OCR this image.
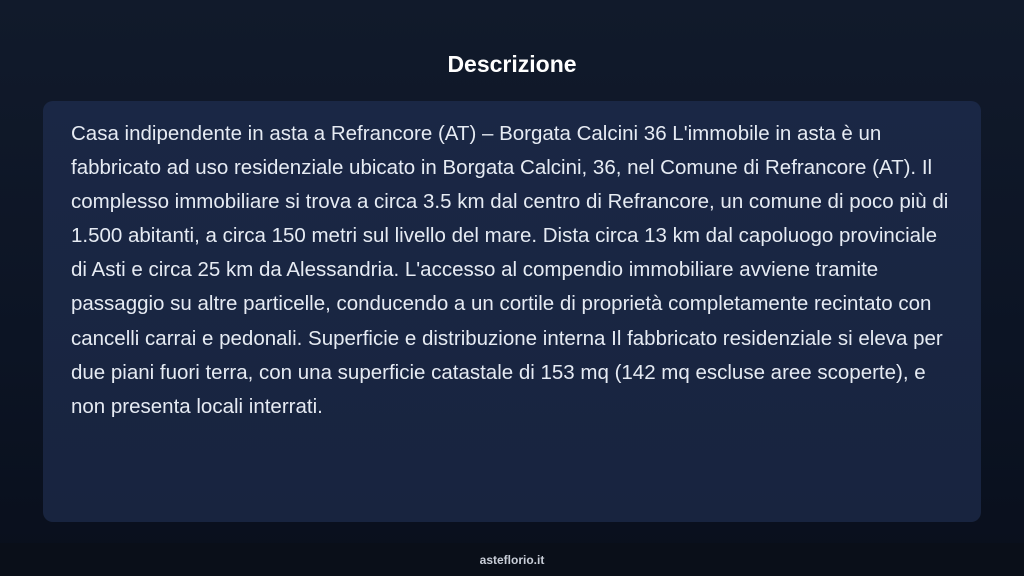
Descrizione

Casa indipendente in asta a Refrancore (AT) – Borgata Calcini 36 L'immobile in asta è un fabbricato ad uso residenziale ubicato in Borgata Calcini, 36, nel Comune di Refrancore (AT). Il complesso immobiliare si trova a circa 3.5 km dal centro di Refrancore, un comune di poco più di 1.500 abitanti, a circa 150 metri sul livello del mare. Dista circa 13 km dal capoluogo provinciale di Asti e circa 25 km da Alessandria. L'accesso al compendio immobiliare avviene tramite passaggio su altre particelle, conducendo a un cortile di proprietà completamente recintato con cancelli carrai e pedonali. Superficie e distribuzione interna Il fabbricato residenziale si eleva per due piani fuori terra, con una superficie catastale di 153 mq (142 mq escluse aree scoperte), e non presenta locali interrati.

asteflorio.it
